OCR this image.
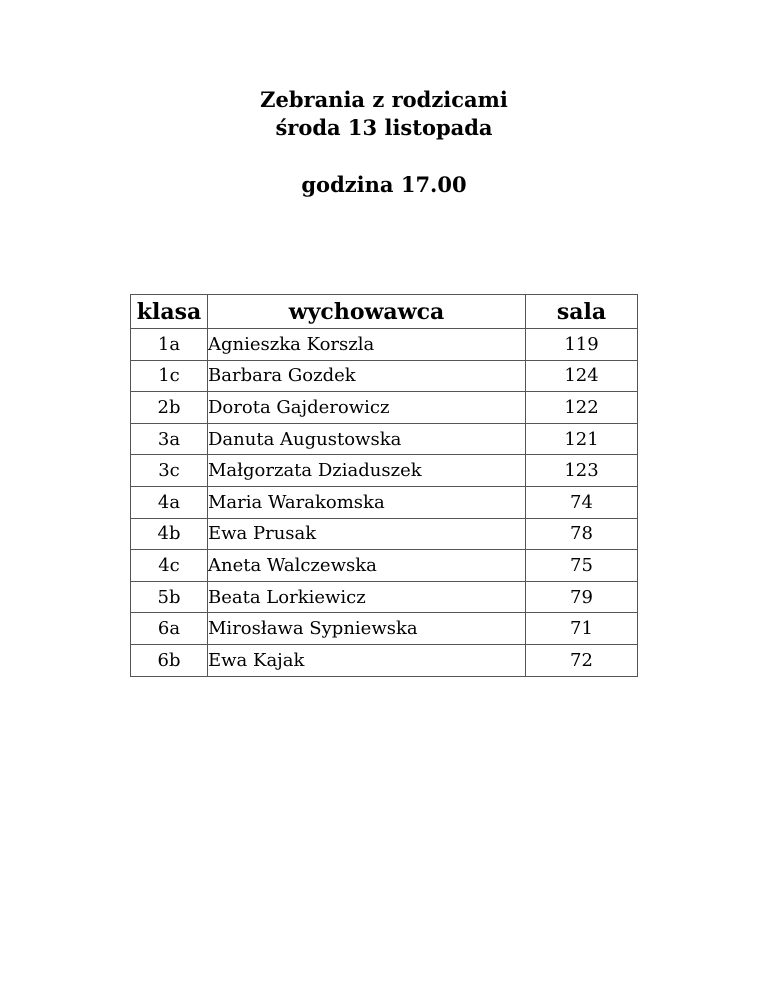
Zebrania z rodzicami
środa 13 listopada
godzina 17.00
klasa	wychowawca	sala
1a	Agnieszka Korszla	119
1c	Barbara Gozdek	124
2b	Dorota Gajderowicz	122
3a	Danuta Augustowska	121
3c	Małgorzata Dziaduszek	123
4a	Maria Warakomska	74
4b	Ewa Prusak	78
4c	Aneta Walczewska	75
5b	Beata Lorkiewicz	79
6a	Mirosława Sypniewska	71
6b	Ewa Kajak	72
